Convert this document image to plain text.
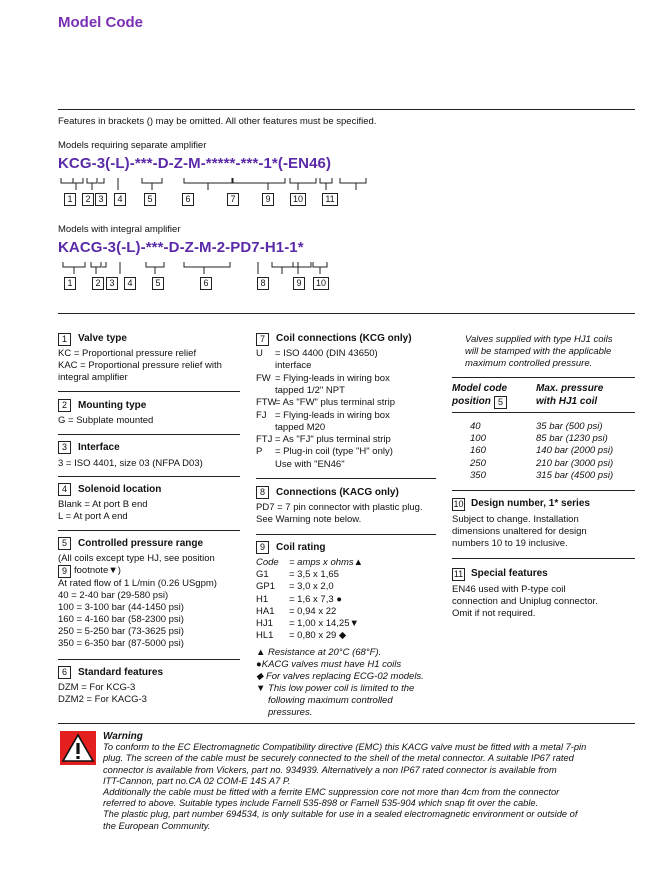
Model Code
Features in brackets () may be omitted. All other features must be specified.
Models requiring separate amplifier
KCG-3(-L)-***-D-Z-M-*****-***-1*(-EN46)
1	2 3	4	5	6	7	9	10	11
Models with integral amplifier
KACG-3(-L)-***-D-Z-M-2-PD7-H1-1*
1	2 3	4	5	6	8	9	10
1	Valve type
KC = Proportional pressure relief
KAC = Proportional pressure relief with
integral amplifier
2	Mounting type
G = Subplate mounted
3	Interface
3 = ISO 4401, size 03 (NFPA D03)
4	Solenoid location
Blank = At port B end
L = At port A end
5	Controlled pressure range
(All coils except type HJ, see position
9 footnote▼)
At rated flow of 1 L/min (0.26 USgpm)
40 = 2-40 bar (29-580 psi)
100 = 3-100 bar (44-1450 psi)
160 = 4-160 bar (58-2300 psi)
250 = 5-250 bar (73-3625 psi)
350 = 6-350 bar (87-5000 psi)
6	Standard features
DZM = For KCG-3
DZM2 = For KACG-3
7	Coil connections (KCG only)
U = ISO 4400 (DIN 43650)
interface
FW = Flying-leads in wiring box
tapped 1/2" NPT
FTW
= As "FW" plus terminal strip
FJ = Flying-leads in wiring box
tapped M20
FTJ = As "FJ" plus terminal strip
P = Plug-in coil (type "H" only)
Use with "EN46"
8	Connections (KACG only)
PD7 = 7 pin connector with plastic plug.
See Warning note below.
9	Coil rating
Code = amps x ohms▲
G1 = 3,5 x 1,65
GP1 = 3,0 x 2,0
H1 = 1,6 x 7,3 ●
HA1 = 0,94 x 22
HJ1 = 1,00 x 14,25▼
HL1 = 0,80 x 29 ◆
▲ Resistance at 20°C (68°F).
●KACG valves must have H1 coils
◆ For valves replacing ECG-02 models.
▼ This low power coil is limited to the
following maximum controlled
pressures.
Valves supplied with type HJ1 coils
will be stamped with the applicable
maximum controlled pressure.
Model code
position 5
Max. pressure
with HJ1 coil
40	35 bar (500 psi)
100	85 bar (1230 psi)
160	140 bar (2000 psi)
250	210 bar (3000 psi)
350	315 bar (4500 psi)
10 Design number, 1* series
Subject to change. Installation
dimensions unaltered for design
numbers 10 to 19 inclusive.
11 Special features
EN46 used with P-type coil
connection and Uniplug connector.
Omit if not required.
Warning
To conform to the EC Electromagnetic Compatibility directive (EMC) this KACG valve must be fitted with a metal 7-pin
plug. The screen of the cable must be securely connected to the shell of the metal connector. A suitable IP67 rated
connector is available from Vickers, part no. 934939. Alternatively a non IP67 rated connector is available from
ITT-Cannon, part no.CA 02 COM-E 14S A7 P.
Additionally the cable must be fitted with a ferrite EMC suppression core not more than 4cm from the connector
referred to above. Suitable types include Farnell 535-898 or Farnell 535-904 which snap fit over the cable.
The plastic plug, part number 694534, is only suitable for use in a sealed electromagnetic environment or outside of
the European Community.
